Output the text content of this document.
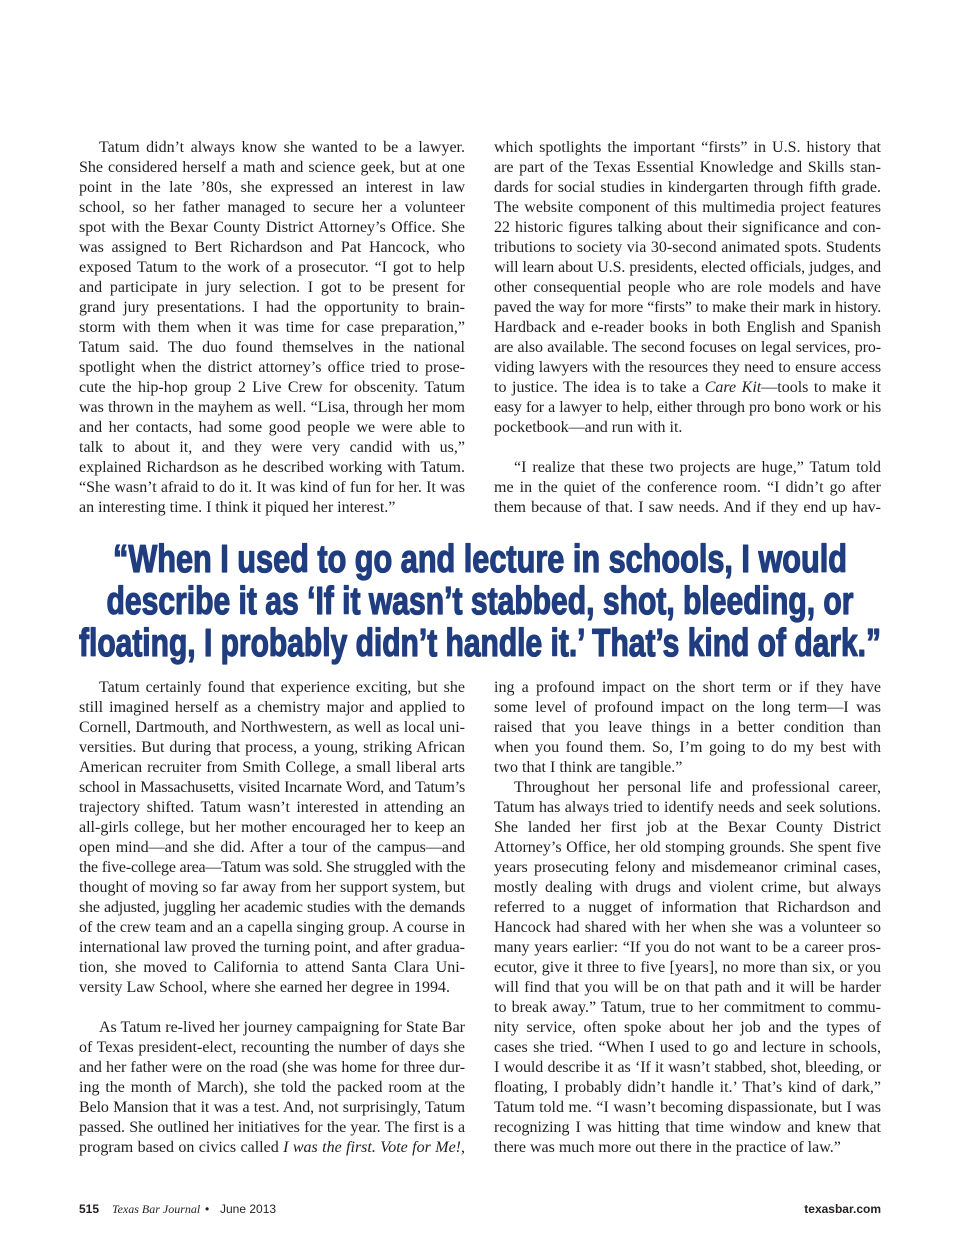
Tatum didn’t always know she wanted to be a lawyer.
She considered herself a math and science geek, but at one
point in the late ’80s, she expressed an interest in law
school, so her father managed to secure her a volunteer
spot with the Bexar County District Attorney’s Office. She
was assigned to Bert Richardson and Pat Hancock, who
exposed Tatum to the work of a prosecutor. “I got to help
and participate in jury selection. I got to be present for
grand jury presentations. I had the opportunity to brain-
storm with them when it was time for case preparation,”
Tatum said. The duo found themselves in the national
spotlight when the district attorney’s office tried to prose-
cute the hip-hop group 2 Live Crew for obscenity. Tatum
was thrown in the mayhem as well. “Lisa, through her mom
and her contacts, had some good people we were able to
talk to about it, and they were very candid with us,”
explained Richardson as he described working with Tatum.
“She wasn’t afraid to do it. It was kind of fun for her. It was
an interesting time. I think it piqued her interest.”
which spotlights the important “firsts” in U.S. history that
are part of the Texas Essential Knowledge and Skills stan-
dards for social studies in kindergarten through fifth grade.
The website component of this multimedia project features
22 historic figures talking about their significance and con-
tributions to society via 30-second animated spots. Students
will learn about U.S. presidents, elected officials, judges, and
other consequential people who are role models and have
paved the way for more “firsts” to make their mark in history.
Hardback and e-reader books in both English and Spanish
are also available. The second focuses on legal services, pro-
viding lawyers with the resources they need to ensure access
to justice. The idea is to take a Care Kit—tools to make it
easy for a lawyer to help, either through pro bono work or his
pocketbook—and run with it.
“I realize that these two projects are huge,” Tatum told
me in the quiet of the conference room. “I didn’t go after
them because of that. I saw needs. And if they end up hav-
“When I used to go and lecture in schools, I would
describe it as ‘If it wasn’t stabbed, shot, bleeding, or
floating, I probably didn’t handle it.’ That’s kind of dark.”
Tatum certainly found that experience exciting, but she
still imagined herself as a chemistry major and applied to
Cornell, Dartmouth, and Northwestern, as well as local uni-
versities. But during that process, a young, striking African
American recruiter from Smith College, a small liberal arts
school in Massachusetts, visited Incarnate Word, and Tatum’s
trajectory shifted. Tatum wasn’t interested in attending an
all-girls college, but her mother encouraged her to keep an
open mind—and she did. After a tour of the campus—and
the five-college area—Tatum was sold. She struggled with the
thought of moving so far away from her support system, but
she adjusted, juggling her academic studies with the demands
of the crew team and an a capella singing group. A course in
international law proved the turning point, and after gradua-
tion, she moved to California to attend Santa Clara Uni-
versity Law School, where she earned her degree in 1994.
As Tatum re-lived her journey campaigning for State Bar
of Texas president-elect, recounting the number of days she
and her father were on the road (she was home for three dur-
ing the month of March), she told the packed room at the
Belo Mansion that it was a test. And, not surprisingly, Tatum
passed. She outlined her initiatives for the year. The first is a
program based on civics called I was the first. Vote for Me!,
ing a profound impact on the short term or if they have
some level of profound impact on the long term—I was
raised that you leave things in a better condition than
when you found them. So, I’m going to do my best with
two that I think are tangible.”
Throughout her personal life and professional career,
Tatum has always tried to identify needs and seek solutions.
She landed her first job at the Bexar County District
Attorney’s Office, her old stomping grounds. She spent five
years prosecuting felony and misdemeanor criminal cases,
mostly dealing with drugs and violent crime, but always
referred to a nugget of information that Richardson and
Hancock had shared with her when she was a volunteer so
many years earlier: “If you do not want to be a career pros-
ecutor, give it three to five [years], no more than six, or you
will find that you will be on that path and it will be harder
to break away.” Tatum, true to her commitment to commu-
nity service, often spoke about her job and the types of
cases she tried. “When I used to go and lecture in schools,
I would describe it as ‘If it wasn’t stabbed, shot, bleeding, or
floating, I probably didn’t handle it.’ That’s kind of dark,”
Tatum told me. “I wasn’t becoming dispassionate, but I was
recognizing I was hitting that time window and knew that
there was much more out there in the practice of law.”
515 Texas Bar Journal • June 2013	texasbar.com
